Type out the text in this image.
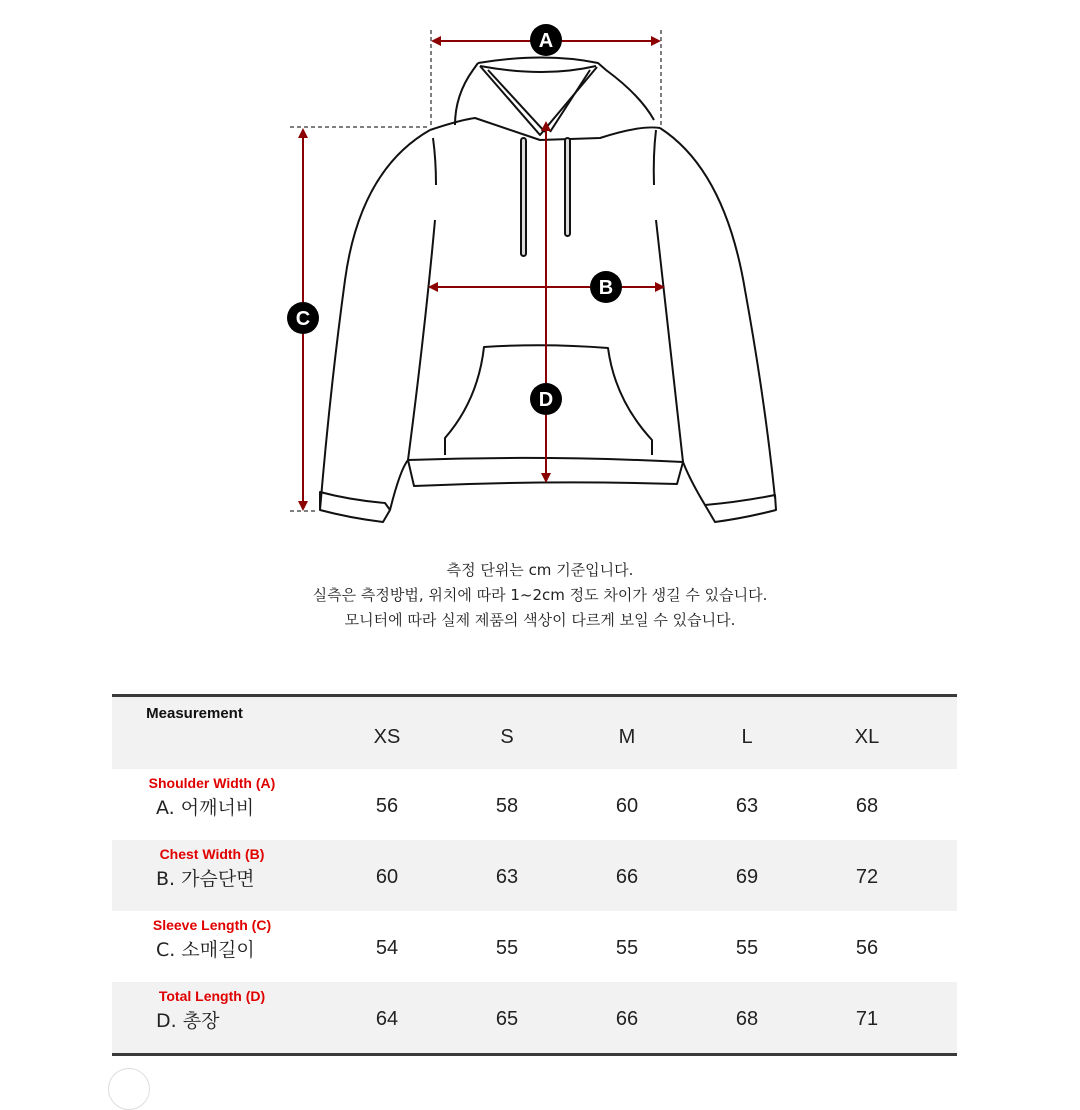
A
B
C
D
측정 단위는 cm 기준입니다.
실측은 측정방법, 위치에 따라 1~2cm 정도 차이가 생길 수 있습니다.
모니터에 따라 실제 제품의 색상이 다르게 보일 수 있습니다.
Measurement
XS	S	M	L	XL
Shoulder Width (A)
A. 어깨너비	56	58	60	63	68
Chest Width (B)
B. 가슴단면	60	63	66	69	72
Sleeve Length (C)
C. 소매길이	54	55	55	55	56
Total Length (D)
D. 총장	64	65	66	68	71
